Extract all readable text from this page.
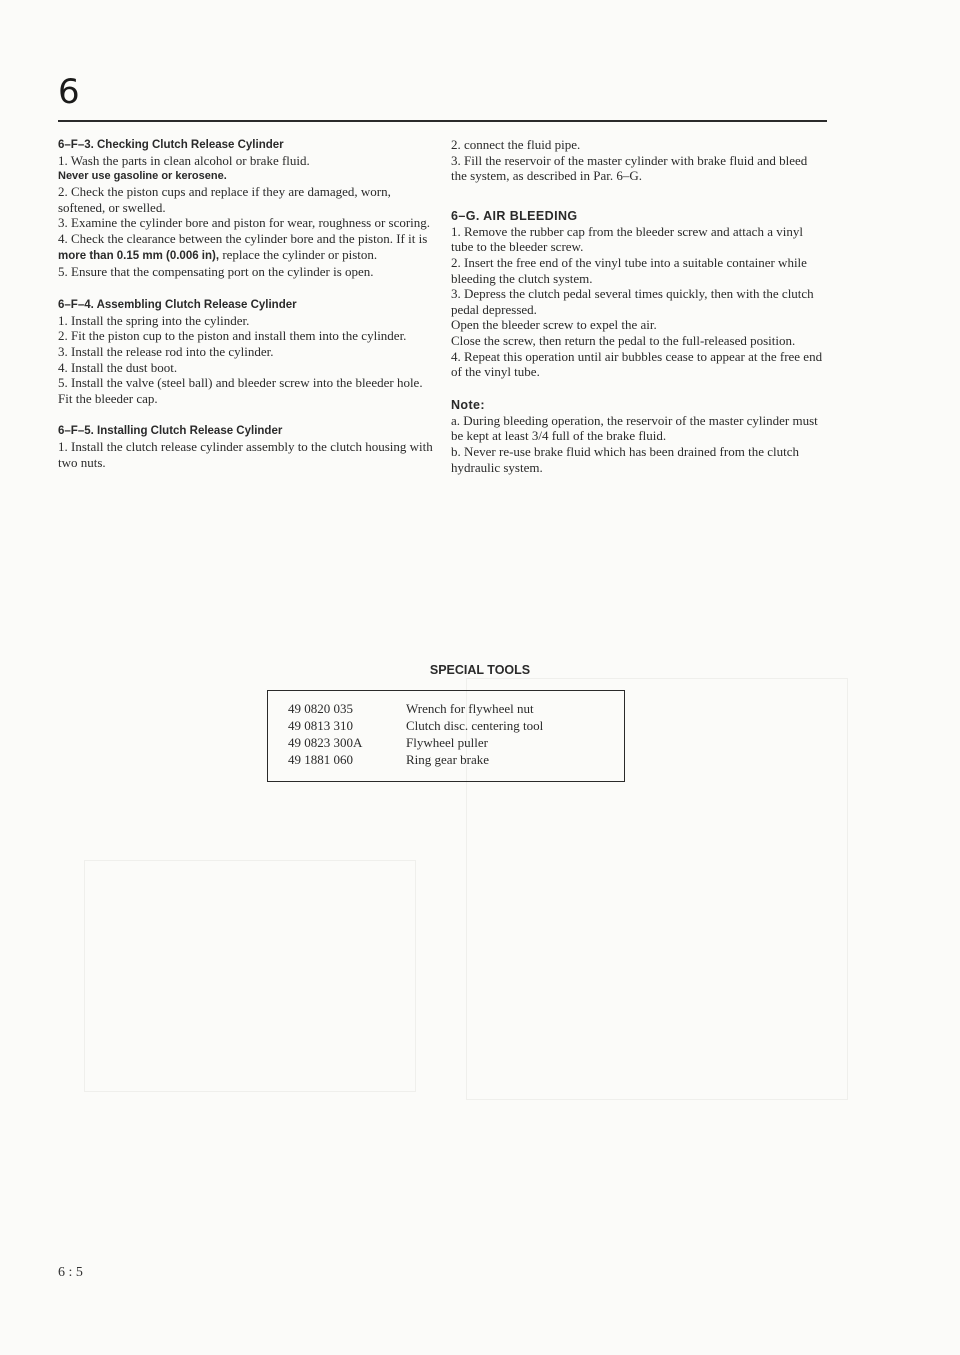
6

6–F–3. Checking Clutch Release Cylinder

1. Wash the parts in clean alcohol or brake fluid.

Never use gasoline or kerosene.

2. Check the piston cups and replace if they are damaged, worn, softened, or swelled.

3. Examine the cylinder bore and piston for wear, roughness or scoring.

4. Check the clearance between the cylinder bore and the piston. If it is more than 0.15 mm (0.006 in), replace the cylinder or piston.

5. Ensure that the compensating port on the cylinder is open.

6–F–4. Assembling Clutch Release Cylinder

1. Install the spring into the cylinder.

2. Fit the piston cup to the piston and install them into the cylinder.

3. Install the release rod into the cylinder.

4. Install the dust boot.

5. Install the valve (steel ball) and bleeder screw into the bleeder hole. Fit the bleeder cap.

6–F–5. Installing Clutch Release Cylinder

1. Install the clutch release cylinder assembly to the clutch housing with two nuts.

2. connect the fluid pipe.

3. Fill the reservoir of the master cylinder with brake fluid and bleed the system, as described in Par. 6–G.

6–G. AIR BLEEDING

1. Remove the rubber cap from the bleeder screw and attach a vinyl tube to the bleeder screw.

2. Insert the free end of the vinyl tube into a suitable container while bleeding the clutch system.

3. Depress the clutch pedal several times quickly, then with the clutch pedal depressed.

Open the bleeder screw to expel the air.

Close the screw, then return the pedal to the full-released position.

4. Repeat this operation until air bubbles cease to appear at the free end of the vinyl tube.

Note:

a. During bleeding operation, the reservoir of the master cylinder must be kept at least 3/4 full of the brake fluid.

b. Never re-use brake fluid which has been drained from the clutch hydraulic system.

SPECIAL TOOLS
49 0820 035	Wrench for flywheel nut
49 0813 310	Clutch disc. centering tool
49 0823 300A	Flywheel puller
49 1881 060	Ring gear brake
6 : 5
